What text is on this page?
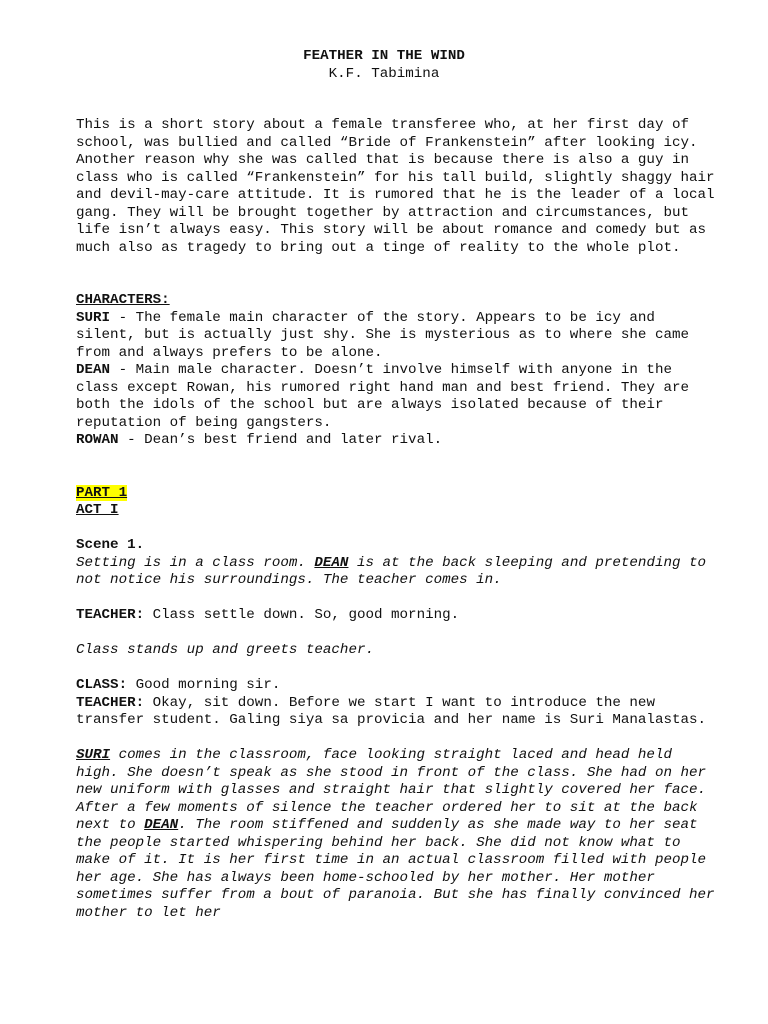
FEATHER IN THE WIND
K.F. Tabimina

This is a short story about a female transferee who, at her first day of school, was bullied and called “Bride of Frankenstein” after looking icy. Another reason why she was called that is because there is also a guy in class who is called “Frankenstein” for his tall build, slightly shaggy hair and devil-may-care attitude. It is rumored that he is the leader of a local gang. They will be brought together by attraction and circumstances, but life isn’t always easy. This story will be about romance and comedy but as much also as tragedy to bring out a tinge of reality to the whole plot.

CHARACTERS:

SURI - The female main character of the story. Appears to be icy and silent, but is actually just shy. She is mysterious as to where she came from and always prefers to be alone.

DEAN - Main male character. Doesn’t involve himself with anyone in the class except Rowan, his rumored right hand man and best friend. They are both the idols of the school but are always isolated because of their reputation of being gangsters.

ROWAN - Dean’s best friend and later rival.

PART 1

ACT I

Scene 1.

Setting is in a class room. DEAN is at the back sleeping and pretending to not notice his surroundings. The teacher comes in.

TEACHER: Class settle down. So, good morning.

Class stands up and greets teacher.

CLASS: Good morning sir.

TEACHER: Okay, sit down. Before we start I want to introduce the new transfer student. Galing siya sa provicia and her name is Suri Manalastas.

SURI comes in the classroom, face looking straight laced and head held high. She doesn’t speak as she stood in front of the class. She had on her new uniform with glasses and straight hair that slightly covered her face. After a few moments of silence the teacher ordered her to sit at the back next to DEAN. The room stiffened and suddenly as she made way to her seat the people started whispering behind her back. She did not know what to make of it. It is her first time in an actual classroom filled with people her age. She has always been home-schooled by her mother. Her mother sometimes suffer from a bout of paranoia. But she has finally convinced her mother to let her
